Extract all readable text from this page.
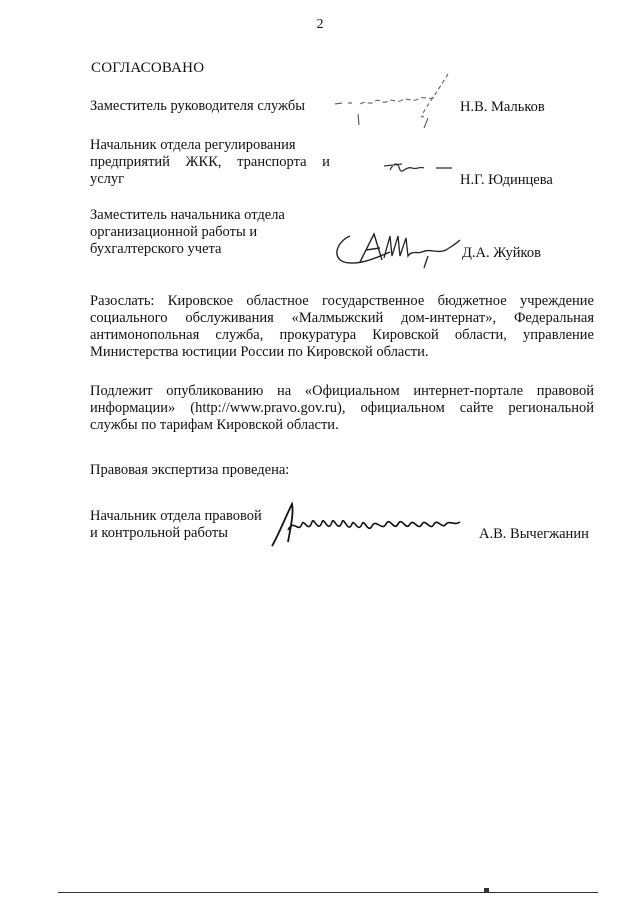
2
СОГЛАСОВАНО
Заместитель руководителя службы	Н.В. Мальков
Начальник отдела регулирования
предприятий ЖКК, транспорта и
услуг	Н.Г. Юдинцева
Заместитель начальника отдела
организационной работы и
бухгалтерского учета	Д.А. Жуйков
Разослать: Кировское областное государственное бюджетное учреждение
социального обслуживания «Малмыжский дом-интернат», Федеральная
антимонопольная служба, прокуратура Кировской области, управление
Министерства юстиции России по Кировской области.
Подлежит опубликованию на «Официальном интернет-портале правовой
информации» (http://www.pravo.gov.ru), официальном сайте региональной
службы по тарифам Кировской области.
Правовая экспертиза проведена:
Начальник отдела правовой
и контрольной работы	А.В. Вычегжанин
